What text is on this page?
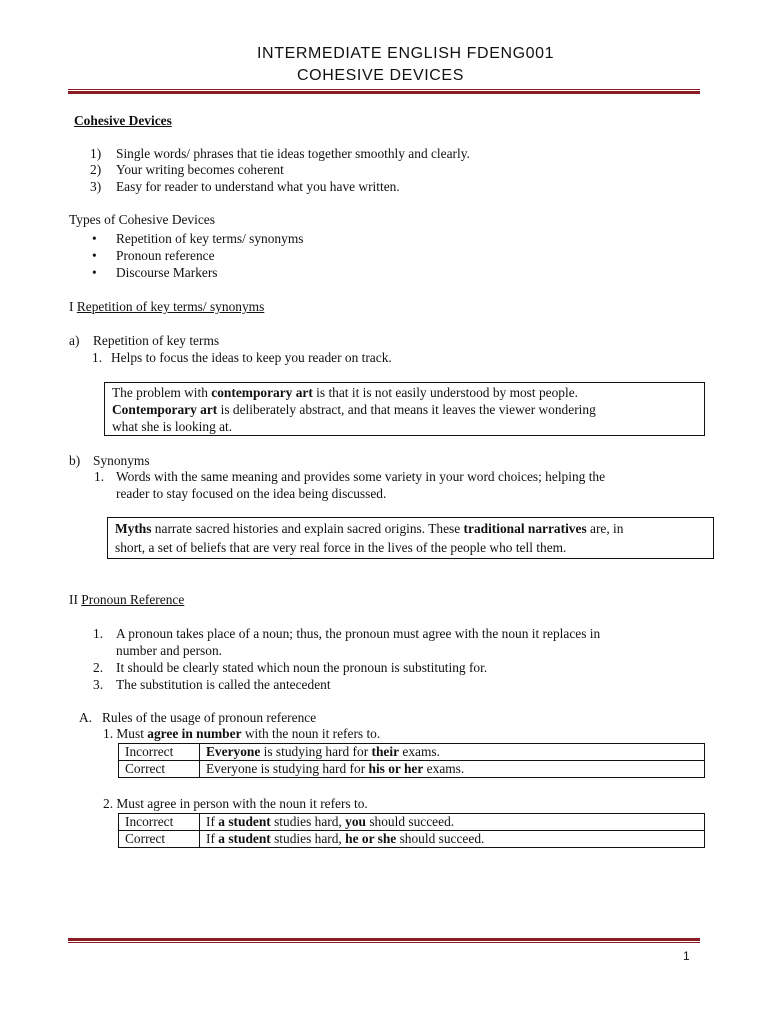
INTERMEDIATE ENGLISH FDENG001
COHESIVE DEVICES
Cohesive Devices
1) Single words/ phrases that tie ideas together smoothly and clearly.
2) Your writing becomes coherent
3) Easy for reader to understand what you have written.
Types of Cohesive Devices
• Repetition of key terms/ synonyms
• Pronoun reference
• Discourse Markers
I Repetition of key terms/ synonyms
a) Repetition of key terms
1. Helps to focus the ideas to keep you reader on track.
The problem with contemporary art is that it is not easily understood by most people.
Contemporary art is deliberately abstract, and that means it leaves the viewer wondering
what she is looking at.
b) Synonyms
1. Words with the same meaning and provides some variety in your word choices; helping the
reader to stay focused on the idea being discussed.
Myths narrate sacred histories and explain sacred origins. These traditional narratives are, in
short, a set of beliefs that are very real force in the lives of the people who tell them.
II Pronoun Reference
1. A pronoun takes place of a noun; thus, the pronoun must agree with the noun it replaces in
number and person.
2. It should be clearly stated which noun the pronoun is substituting for.
3. The substitution is called the antecedent
A. Rules of the usage of pronoun reference
1. Must agree in number with the noun it refers to.
Incorrect	Everyone is studying hard for their exams.
Correct	Everyone is studying hard for his or her exams.
2. Must agree in person with the noun it refers to.
Incorrect	If a student studies hard, you should succeed.
Correct	If a student studies hard, he or she should succeed.
1
